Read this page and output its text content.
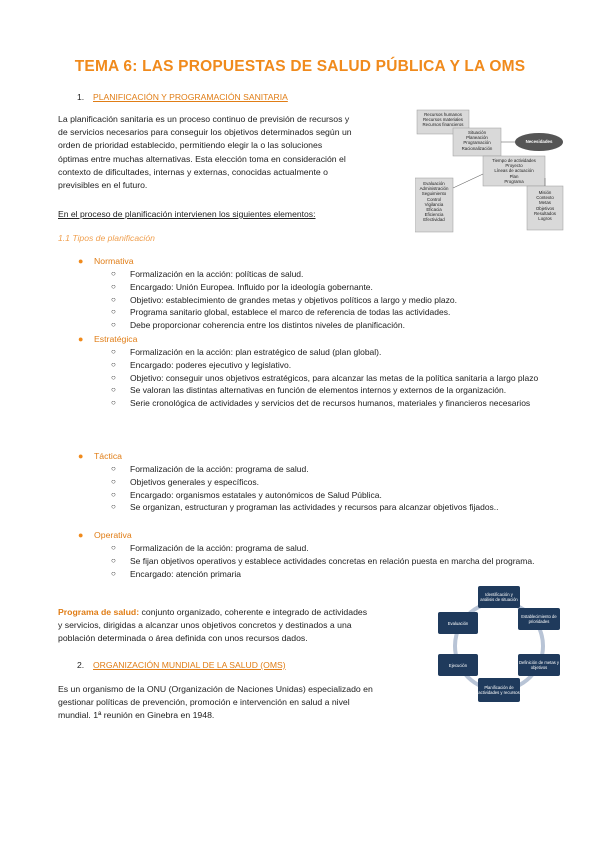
TEMA 6: LAS PROPUESTAS DE SALUD PÚBLICA Y LA OMS
1. PLANIFICACIÓN Y PROGRAMACIÓN SANITARIA
La planificación sanitaria es un proceso continuo de previsión de recursos y
de servicios necesarios para conseguir los objetivos determinados según un
orden de prioridad establecido, permitiendo elegir la o las soluciones
óptimas entre muchas alternativas. Esta elección toma en consideración el
contexto de dificultades, internas y externas, conocidas actualmente o
previsibles en el futuro.
Recursos humanos
Recursos materiales
Recursos financieros
Situación
Planeación
Programación
Racionalización
Necesidades
Tiempo de actividades
Proyecto
Líneas de actuación
Plan
Programa
Evaluación
Administración
Seguimiento
Control
Vigilancia
Eficacia
Eficiencia
Efectividad
Misión
Contexto
Metas
Objetivos
Resultados
Logros
En el proceso de planificación intervienen los siguientes elementos:
1.1 Tipos de planificación
● Normativa
○ Formalización en la acción: políticas de salud.
○ Encargado: Unión Europea. Influido por la ideología gobernante.
○ Objetivo: establecimiento de grandes metas y objetivos políticos a largo y medio plazo.
○ Programa sanitario global, establece el marco de referencia de todas las actividades.
○ Debe proporcionar coherencia entre los distintos niveles de planificación.
● Estratégica
○ Formalización en la acción: plan estratégico de salud (plan global).
○ Encargado: poderes ejecutivo y legislativo.
○ Objetivo: conseguir unos objetivos estratégicos, para alcanzar las metas de la política sanitaria a largo plazo
○ Se valoran las distintas alternativas en función de elementos internos y externos de la organización.
○ Serie cronológica de actividades y servicios det de recursos humanos, materiales y financieros necesarios
● Táctica
○ Formalización de la acción: programa de salud.
○ Objetivos generales y específicos.
○ Encargado: organismos estatales y autonómicos de Salud Pública.
○ Se organizan, estructuran y programan las actividades y recursos para alcanzar objetivos fijados..
● Operativa
○ Formalización de la acción: programa de salud.
○ Se fijan objetivos operativos y establece actividades concretas en relación puesta en marcha del programa.
○ Encargado: atención primaria
Programa de salud: conjunto organizado, coherente e integrado de actividades
y servicios, dirigidas a alcanzar unos objetivos concretos y destinados a una
población determinada o área definida con unos recursos dados.
Identificación y análisis de situación
Establecimiento de prioridades
Definición de metas y objetivos
Planificación de actividades y recursos
Ejecución
Evaluación
2. ORGANIZACIÓN MUNDIAL DE LA SALUD (OMS)
Es un organismo de la ONU (Organización de Naciones Unidas) especializado en
gestionar políticas de prevención, promoción e intervención en salud a nivel
mundial. 1ª reunión en Ginebra en 1948.
